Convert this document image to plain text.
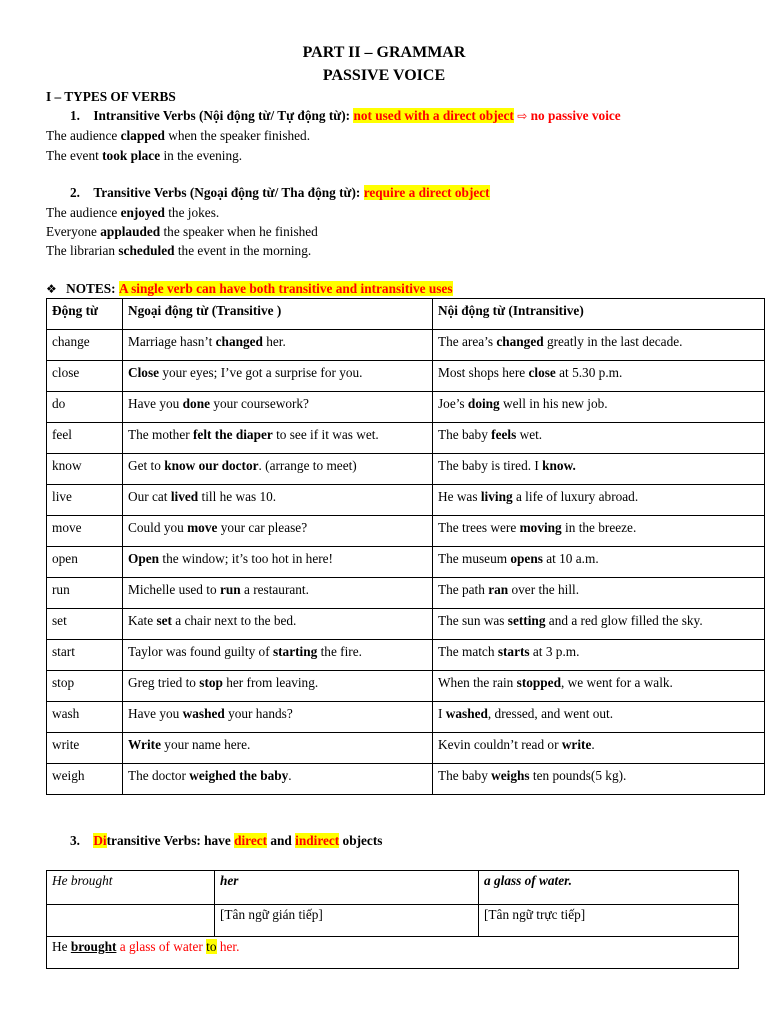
PART II – GRAMMAR
PASSIVE VOICE
I – TYPES OF VERBS
1. Intransitive Verbs (Nội động từ/ Tự động từ): not used with a direct object ⇨ no passive voice
The audience clapped when the speaker finished.
The event took place in the evening.
2. Transitive Verbs (Ngoại động từ/ Tha động từ): require a direct object
The audience enjoyed the jokes.
Everyone applauded the speaker when he finished
The librarian scheduled the event in the morning.
❖ NOTES: A single verb can have both transitive and intransitive uses
Động từ	Ngoại động từ (Transitive )	Nội động từ (Intransitive)
change	Marriage hasn’t changed her.	The area’s changed greatly in the last decade.
close	Close your eyes; I’ve got a surprise for you.	Most shops here close at 5.30 p.m.
do	Have you done your coursework?	Joe’s doing well in his new job.
feel	The mother felt the diaper to see if it was wet.	The baby feels wet.
know	Get to know our doctor. (arrange to meet)	The baby is tired. I know.
live	Our cat lived till he was 10.	He was living a life of luxury abroad.
move	Could you move your car please?	The trees were moving in the breeze.
open	Open the window; it’s too hot in here!	The museum opens at 10 a.m.
run	Michelle used to run a restaurant.	The path ran over the hill.
set	Kate set a chair next to the bed.	The sun was setting and a red glow filled the sky.
start	Taylor was found guilty of starting the fire.	The match starts at 3 p.m.
stop	Greg tried to stop her from leaving.	When the rain stopped, we went for a walk.
wash	Have you washed your hands?	I washed, dressed, and went out.
write	Write your name here.	Kevin couldn’t read or write.
weigh	The doctor weighed the baby.	The baby weighs ten pounds(5 kg).
3. Ditransitive Verbs: have direct and indirect objects
He brought	her	a glass of water.
	[Tân ngữ gián tiếp]	[Tân ngữ trực tiếp]
He brought a glass of water to her.		
